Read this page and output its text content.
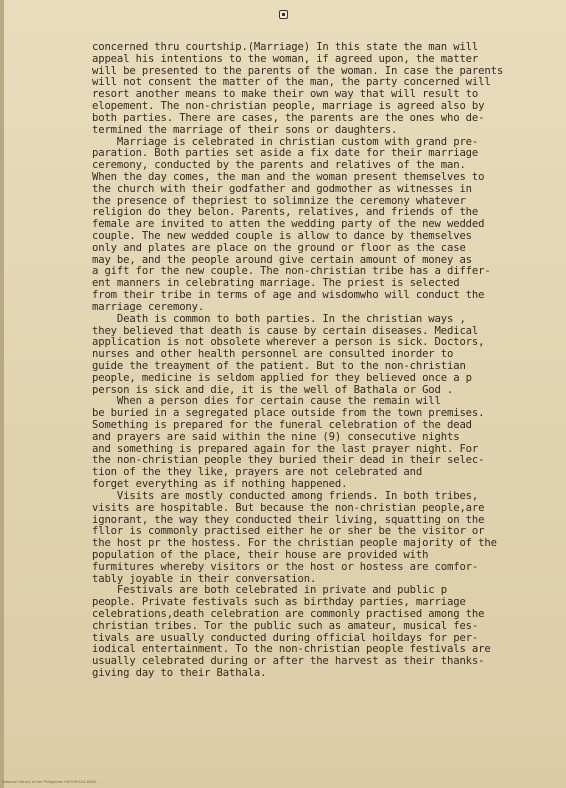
concerned thru courtship.(Marriage) In this state the man will
appeal his intentions to the woman, if agreed upon, the matter
will be presented to the parents of the woman. In case the parents
will not consent the matter of the man, the party concerned will
resort another means to make their own way that will result to
elopement. The non-christian people, marriage is agreed also by
both parties. There are cases, the parents are the ones who de-
termined the marriage of their sons or daughters.
Marriage is celebrated in christian custom with grand pre-
paration. Both parties set aside a fix date for their marriage
ceremony, conducted by the parents and relatives of the man.
When the day comes, the man and the woman present themselves to
the church with their godfather and godmother as witnesses in
the presence of thepriest to solimnize the ceremony whatever
religion do they belon. Parents, relatives, and friends of the
female are invited to atten the wedding party of the new wedded
couple. The new wedded couple is allow to dance by themselves
only and plates are place on the ground or floor as the case
may be, and the people around give certain amount of money as
a gift for the new couple. The non-christian tribe has a differ-
ent manners in celebrating marriage. The priest is selected
from their tribe in terms of age and wisdomwho will conduct the
marriage ceremony.
Death is common to both parties. In the christian ways ,
they believed that death is cause by certain diseases. Medical
application is not obsolete wherever a person is sick. Doctors,
nurses and other health personnel are consulted inorder to
guide the treayment of the patient. But to the non-christian
people, medicine is seldom applied for they believed once a p
person is sick and die, it is the well of Bathala or God .
When a person dies for certain cause the remain will
be buried in a segregated place outside from the town premises.
Something is prepared for the funeral celebration of the dead
and prayers are said within the nine (9) consecutive nights
and something is prepared again for the last prayer night. For
the non-christian people they buried their dead in their selec-
tion of the they like, prayers are not celebrated and
forget everything as if nothing happened.
Visits are mostly conducted among friends. In both tribes,
visits are hospitable. But because the non-christian people,are
ignorant, the way they conducted their living, squatting on the
fllor is commonly practised either he or sher be the visitor or
the host pr the hostess. For the christian people majority of the
population of the place, their house are provided with
furmitures whereby visitors or the host or hostess are comfor-
tably joyable in their conversation.
Festivals are both celebrated in private and public p
people. Private festivals such as birthday parties, marriage
celebrations,death celebration are commonly practised among the
christian tribes. Tor the public such as amateur, musical fes-
tivals are usually conducted during official hoildays for per-
iodical entertainment. To the non-christian people festivals are
usually celebrated during or after the harvest as their thanks-
giving day to their Bathala.
National Library of the Philippines HISTORICAL DATA ...
